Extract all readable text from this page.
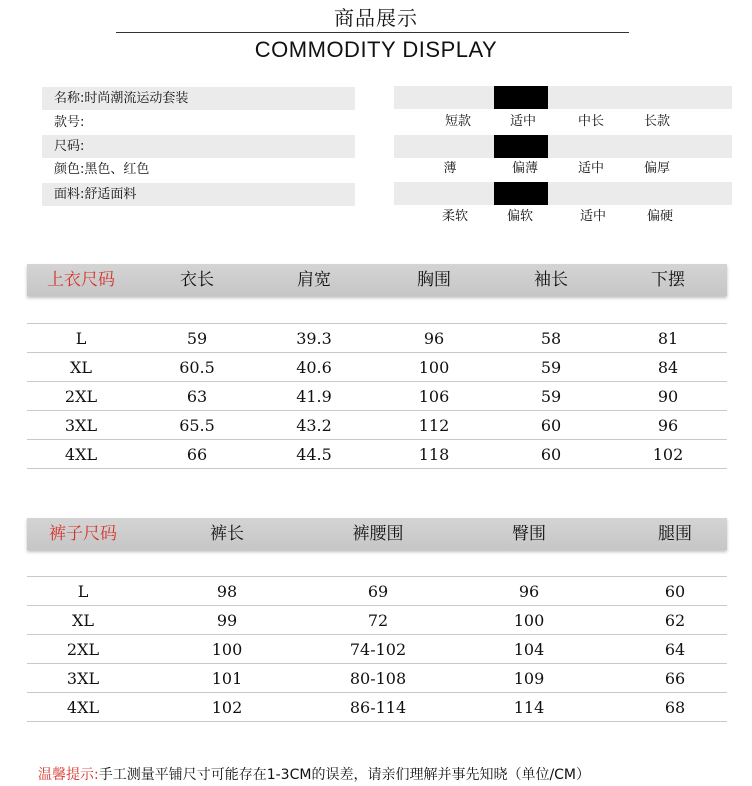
商品展示
COMMODITY DISPLAY
名称:时尚潮流运动套装
款号:
尺码:
颜色:黑色、红色
面料:舒适面料
短款	适中	中长	长款
薄	偏薄	适中	偏厚
柔软	偏软	适中	偏硬
上衣尺码	衣长	肩宽	胸围	袖长	下摆
L	59	39.3	96	58	81
XL	60.5	40.6	100	59	84
2XL	63	41.9	106	59	90
3XL	65.5	43.2	112	60	96
4XL	66	44.5	118	60	102
裤子尺码	裤长	裤腰围	臀围	腿围
L	98	69	96	60
XL	99	72	100	62
2XL	100	74-102	104	64
3XL	101	80-108	109	66
4XL	102	86-114	114	68
温馨提示:手工测量平铺尺寸可能存在1-3CM的误差，请亲们理解并事先知晓（单位/CM）
